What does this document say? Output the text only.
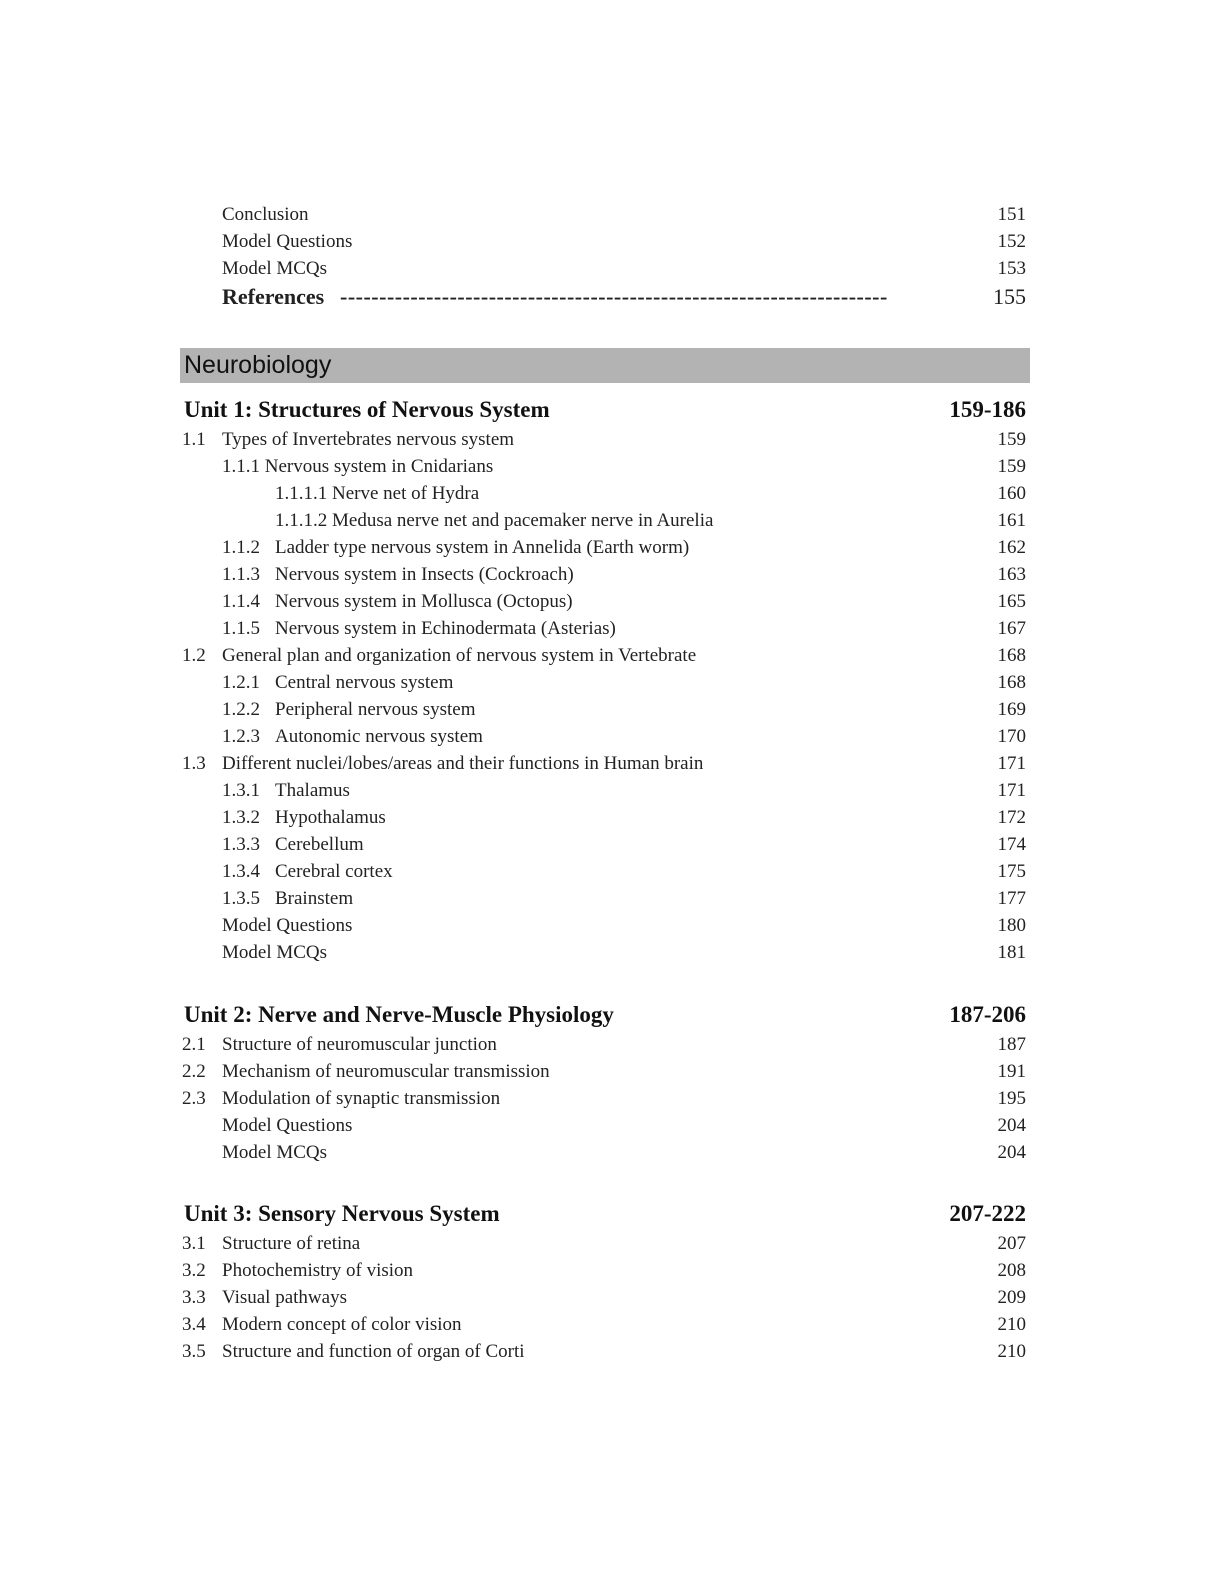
Conclusion	151
Model Questions	152
Model MCQs	153
References ----------------------------------------------------------------------	155
Neurobiology
Unit 1: Structures of Nervous System	159-186
1.1 Types of Invertebrates nervous system	159
1.1.1 Nervous system in Cnidarians	159
1.1.1.1 Nerve net of Hydra	160
1.1.1.2 Medusa nerve net and pacemaker nerve in Aurelia	161
1.1.2 Ladder type nervous system in Annelida (Earth worm)	162
1.1.3 Nervous system in Insects (Cockroach)	163
1.1.4 Nervous system in Mollusca (Octopus)	165
1.1.5 Nervous system in Echinodermata (Asterias)	167
1.2 General plan and organization of nervous system in Vertebrate	168
1.2.1 Central nervous system	168
1.2.2 Peripheral nervous system	169
1.2.3 Autonomic nervous system	170
1.3 Different nuclei/lobes/areas and their functions in Human brain	171
1.3.1 Thalamus	171
1.3.2 Hypothalamus	172
1.3.3 Cerebellum	174
1.3.4 Cerebral cortex	175
1.3.5 Brainstem	177
Model Questions	180
Model MCQs	181
Unit 2: Nerve and Nerve-Muscle Physiology	187-206
2.1 Structure of neuromuscular junction	187
2.2 Mechanism of neuromuscular transmission	191
2.3 Modulation of synaptic transmission	195
Model Questions	204
Model MCQs	204
Unit 3: Sensory Nervous System	207-222
3.1 Structure of retina	207
3.2 Photochemistry of vision	208
3.3 Visual pathways	209
3.4 Modern concept of color vision	210
3.5 Structure and function of organ of Corti	210
